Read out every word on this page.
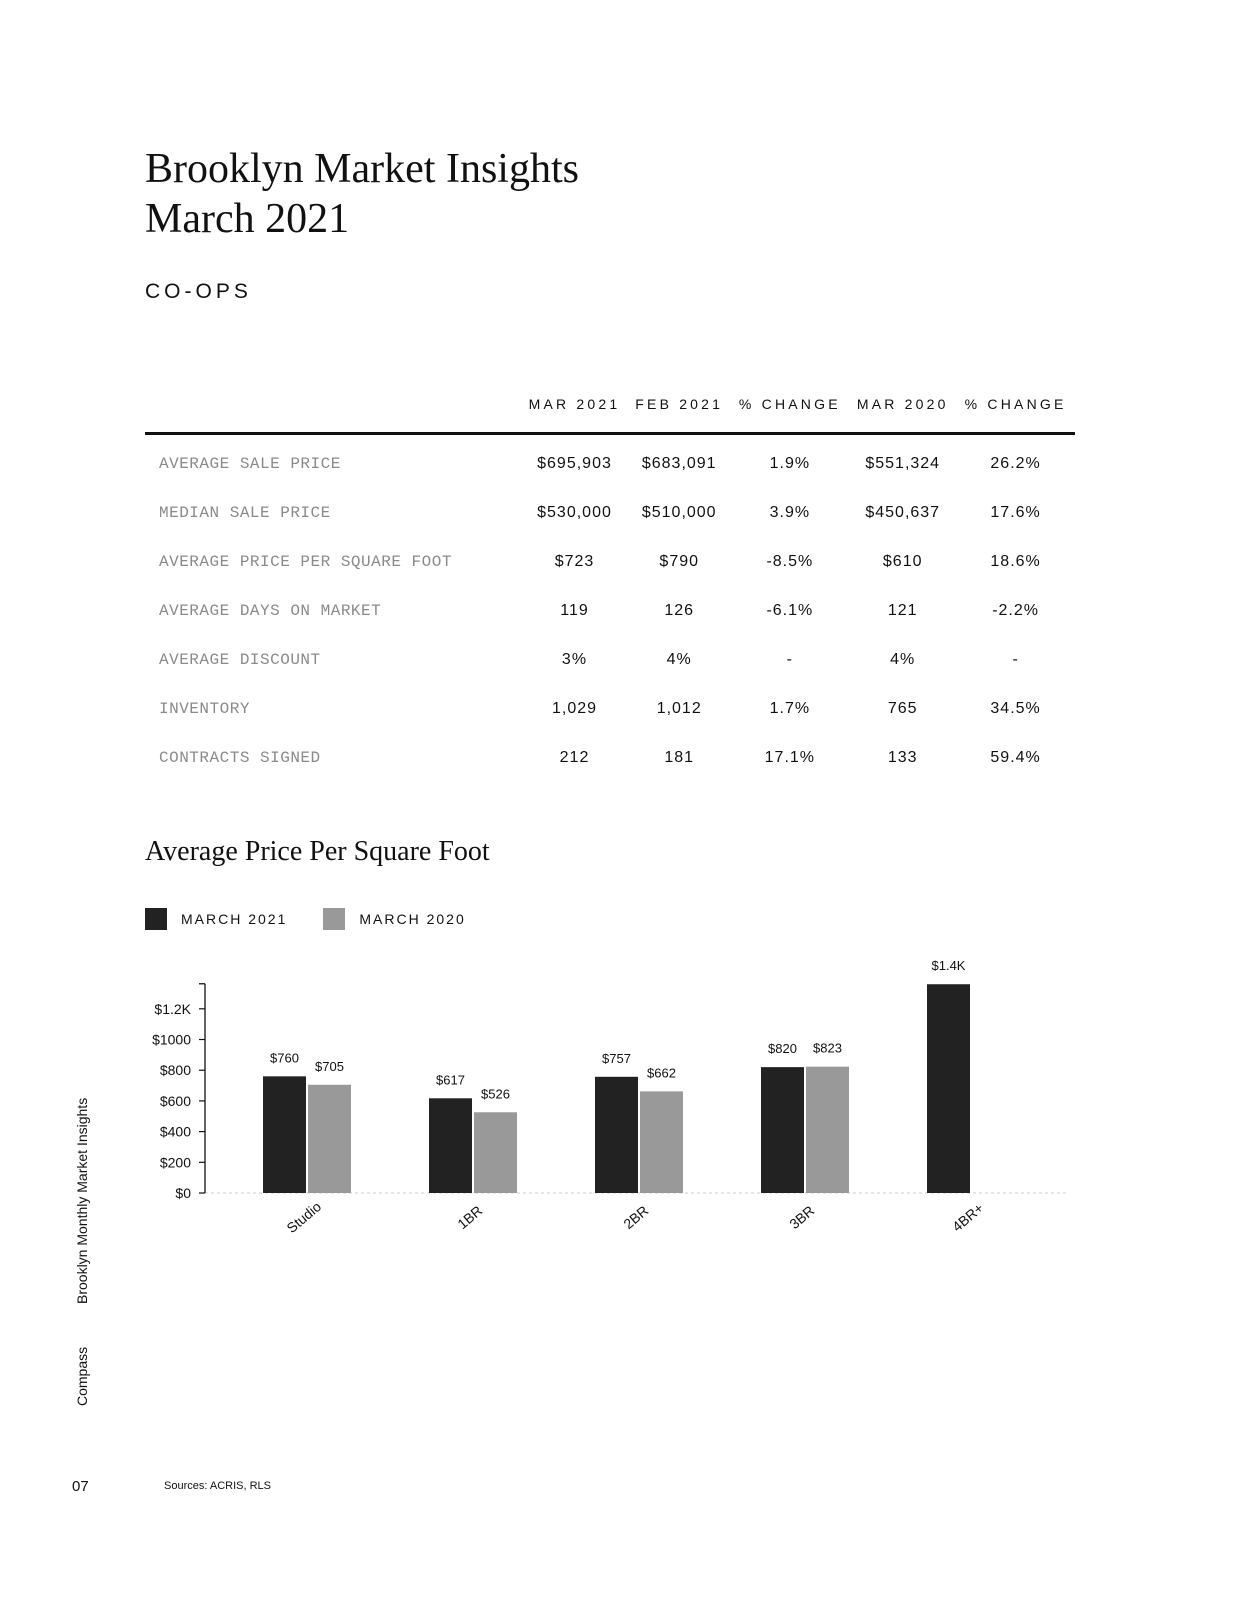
Brooklyn Market Insights
March 2021
CO-OPS
	MAR 2021	FEB 2021	% CHANGE	MAR 2020	% CHANGE
AVERAGE SALE PRICE	$695,903	$683,091	1.9%	$551,324	26.2%
MEDIAN SALE PRICE	$530,000	$510,000	3.9%	$450,637	17.6%
AVERAGE PRICE PER SQUARE FOOT	$723	$790	-8.5%	$610	18.6%
AVERAGE DAYS ON MARKET	119	126	-6.1%	121	-2.2%
AVERAGE DISCOUNT	3%	4%	-	4%	-
INVENTORY	1,029	1,012	1.7%	765	34.5%
CONTRACTS SIGNED	212	181	17.1%	133	59.4%
Average Price Per Square Foot
MARCH 2021	MARCH 2020
$0
$200
$400
$600
$800
$1000
$1.2K
$760
$705
Studio
$617
$526
1BR
$757
$662
2BR
$820 $823
3BR
$1.4K
4BR+
Brooklyn Monthly Market Insights
Compass
07	Sources: ACRIS, RLS
